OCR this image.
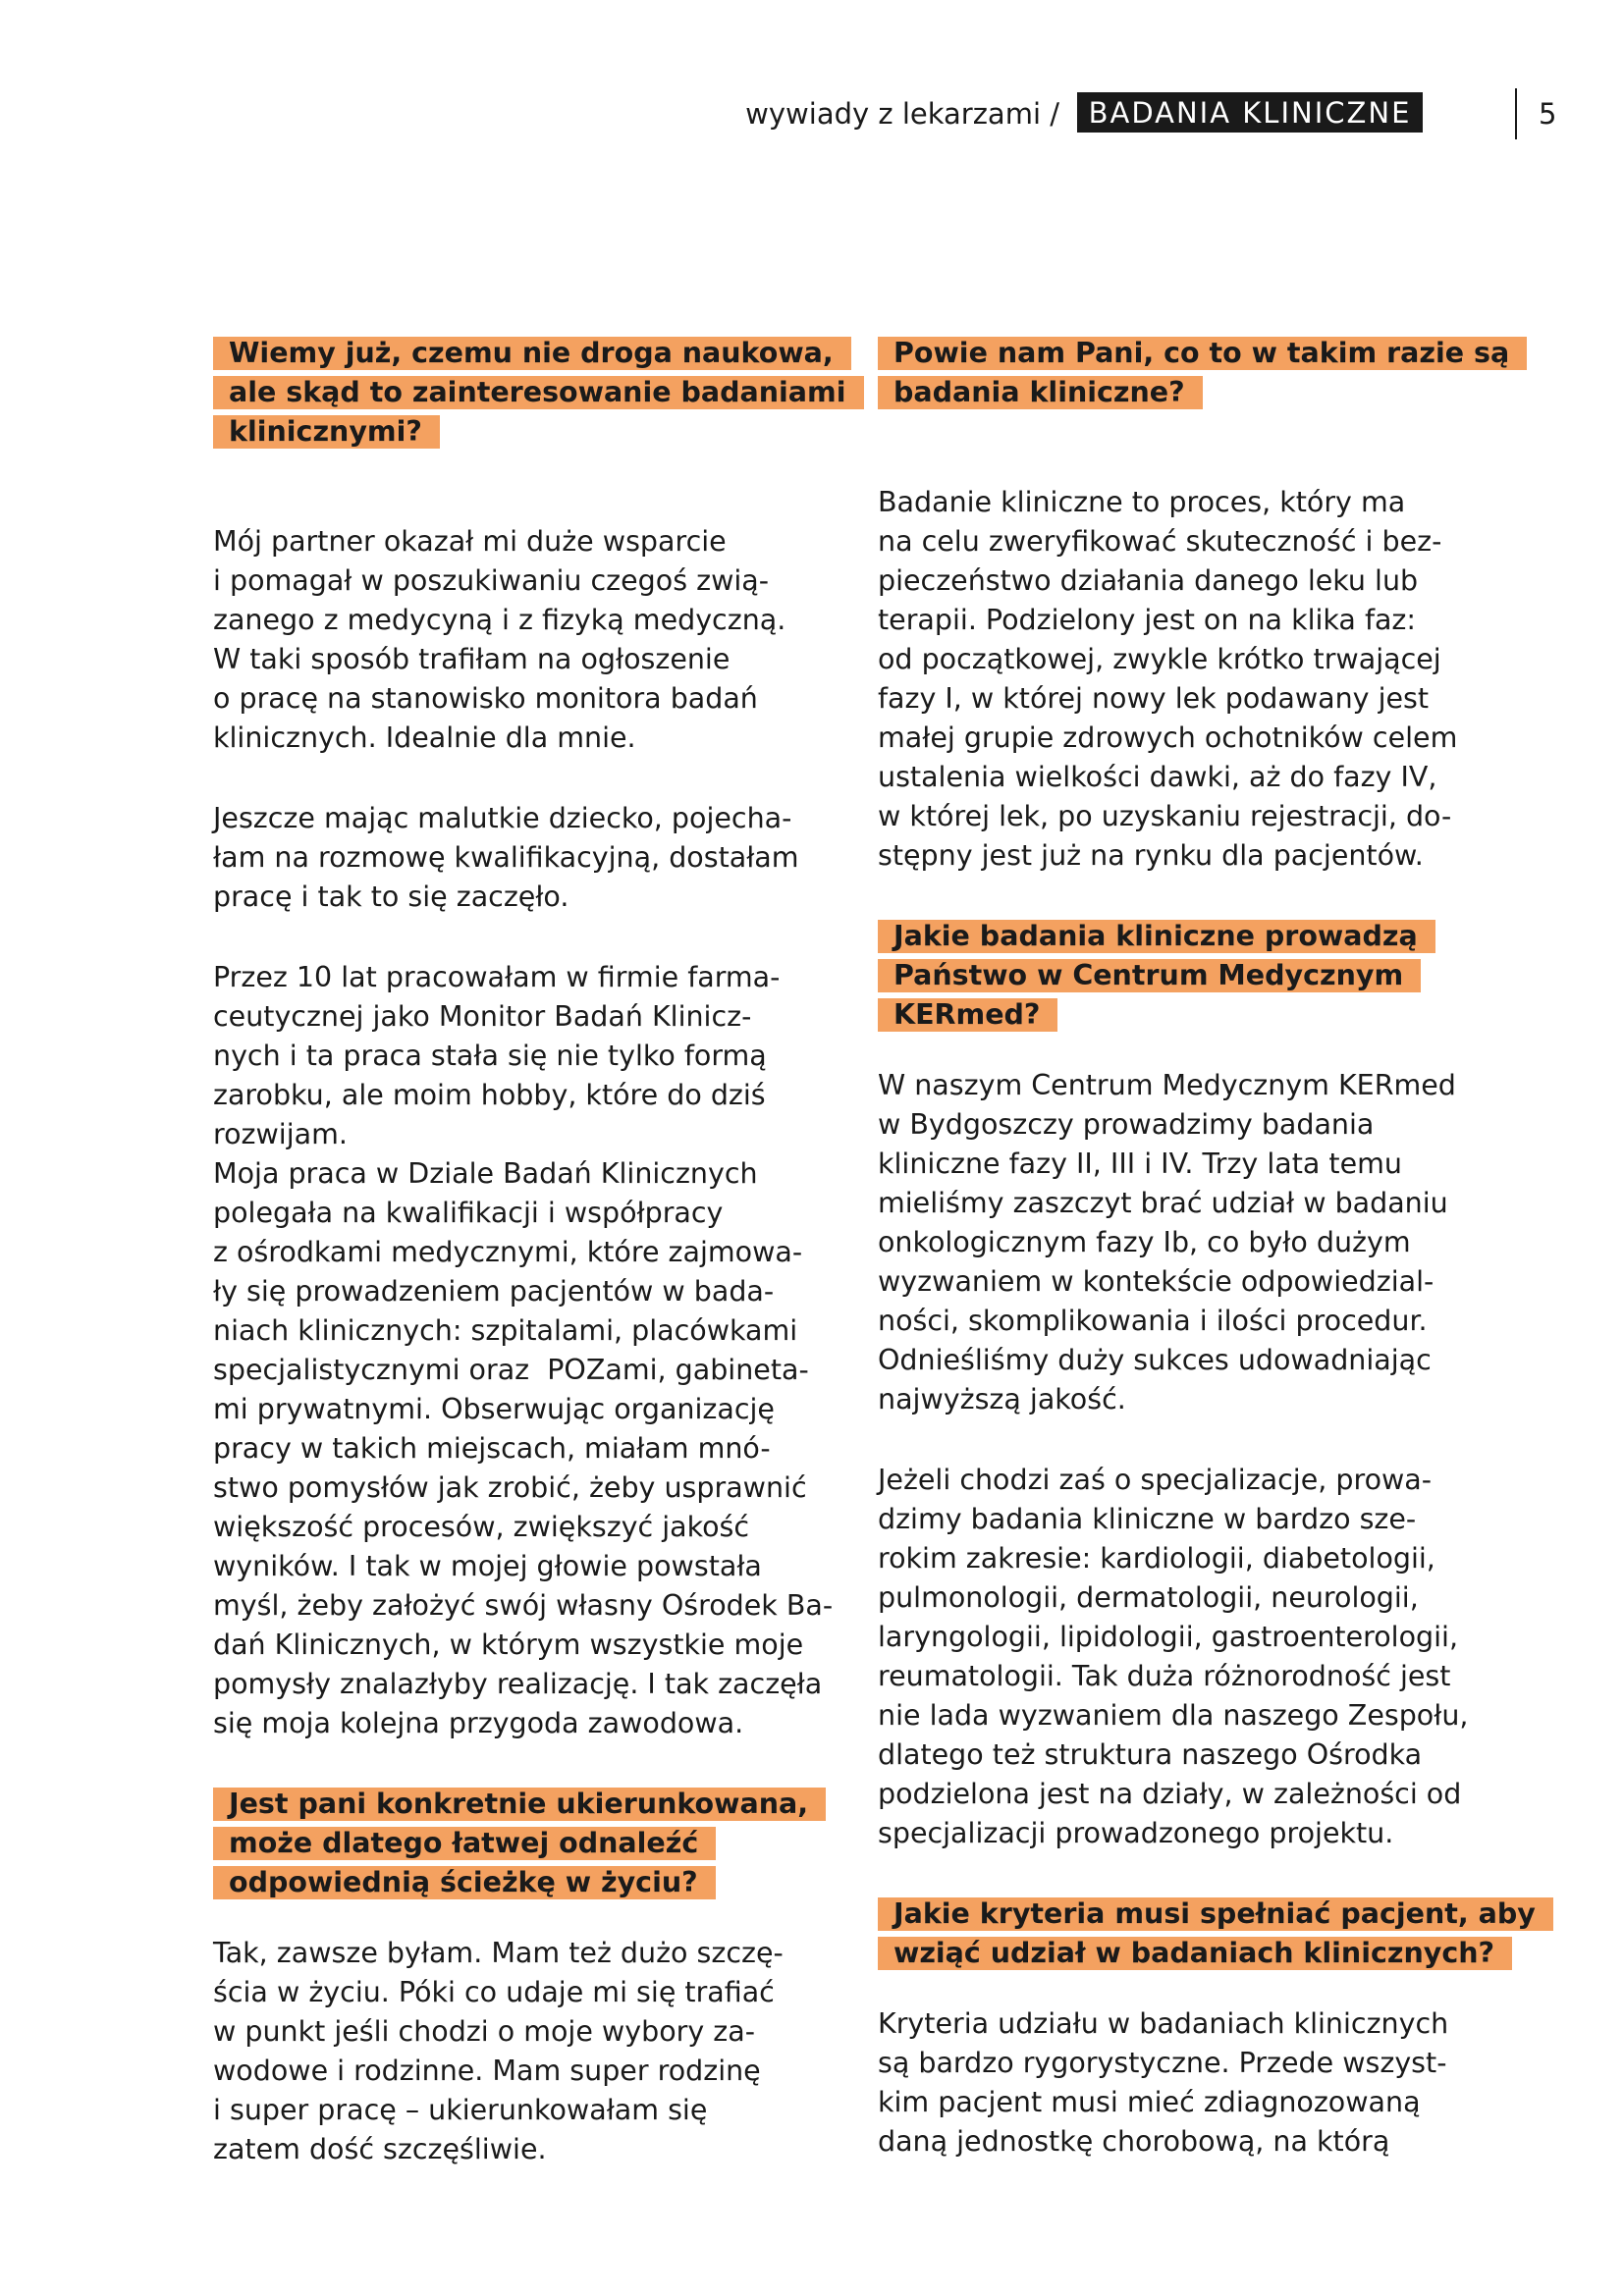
wywiady z lekarzami /	BADANIA KLINICZNE	5
Wiemy już, czemu nie droga naukowa,
ale skąd to zainteresowanie badaniami
klinicznymi?
Mój partner okazał mi duże wsparcie
i pomagał w poszukiwaniu czegoś zwią-
zanego z medycyną i z fizyką medyczną.
W taki sposób trafiłam na ogłoszenie
o pracę na stanowisko monitora badań
klinicznych. Idealnie dla mnie.
Jeszcze mając malutkie dziecko, pojecha-
łam na rozmowę kwalifikacyjną, dostałam
pracę i tak to się zaczęło.
Przez 10 lat pracowałam w firmie farma-
ceutycznej jako Monitor Badań Klinicz-
nych i ta praca stała się nie tylko formą
zarobku, ale moim hobby, które do dziś
rozwijam.
Moja praca w Dziale Badań Klinicznych
polegała na kwalifikacji i współpracy
z ośrodkami medycznymi, które zajmowa-
ły się prowadzeniem pacjentów w bada-
niach klinicznych: szpitalami, placówkami
specjalistycznymi oraz  POZami, gabineta-
mi prywatnymi. Obserwując organizację
pracy w takich miejscach, miałam mnó-
stwo pomysłów jak zrobić, żeby usprawnić
większość procesów, zwiększyć jakość
wyników. I tak w mojej głowie powstała
myśl, żeby założyć swój własny Ośrodek Ba-
dań Klinicznych, w którym wszystkie moje
pomysły znalazłyby realizację. I tak zaczęła
się moja kolejna przygoda zawodowa.
Jest pani konkretnie ukierunkowana,
może dlatego łatwej odnaleźć
odpowiednią ścieżkę w życiu?
Tak, zawsze byłam. Mam też dużo szczę-
ścia w życiu. Póki co udaje mi się trafiać
w punkt jeśli chodzi o moje wybory za-
wodowe i rodzinne. Mam super rodzinę
i super pracę – ukierunkowałam się
zatem dość szczęśliwie.
Powie nam Pani, co to w takim razie są
badania kliniczne?
Badanie kliniczne to proces, który ma
na celu zweryfikować skuteczność i bez-
pieczeństwo działania danego leku lub
terapii. Podzielony jest on na klika faz:
od początkowej, zwykle krótko trwającej
fazy I, w której nowy lek podawany jest
małej grupie zdrowych ochotników celem
ustalenia wielkości dawki, aż do fazy IV,
w której lek, po uzyskaniu rejestracji, do-
stępny jest już na rynku dla pacjentów.
Jakie badania kliniczne prowadzą
Państwo w Centrum Medycznym
KERmed?
W naszym Centrum Medycznym KERmed
w Bydgoszczy prowadzimy badania
kliniczne fazy II, III i IV. Trzy lata temu
mieliśmy zaszczyt brać udział w badaniu
onkologicznym fazy Ib, co było dużym
wyzwaniem w kontekście odpowiedzial-
ności, skomplikowania i ilości procedur.
Odnieśliśmy duży sukces udowadniając
najwyższą jakość.
Jeżeli chodzi zaś o specjalizacje, prowa-
dzimy badania kliniczne w bardzo sze-
rokim zakresie: kardiologii, diabetologii,
pulmonologii, dermatologii, neurologii,
laryngologii, lipidologii, gastroenterologii,
reumatologii. Tak duża różnorodność jest
nie lada wyzwaniem dla naszego Zespołu,
dlatego też struktura naszego Ośrodka
podzielona jest na działy, w zależności od
specjalizacji prowadzonego projektu.
Jakie kryteria musi spełniać pacjent, aby
wziąć udział w badaniach klinicznych?
Kryteria udziału w badaniach klinicznych
są bardzo rygorystyczne. Przede wszyst-
kim pacjent musi mieć zdiagnozowaną
daną jednostkę chorobową, na którą
